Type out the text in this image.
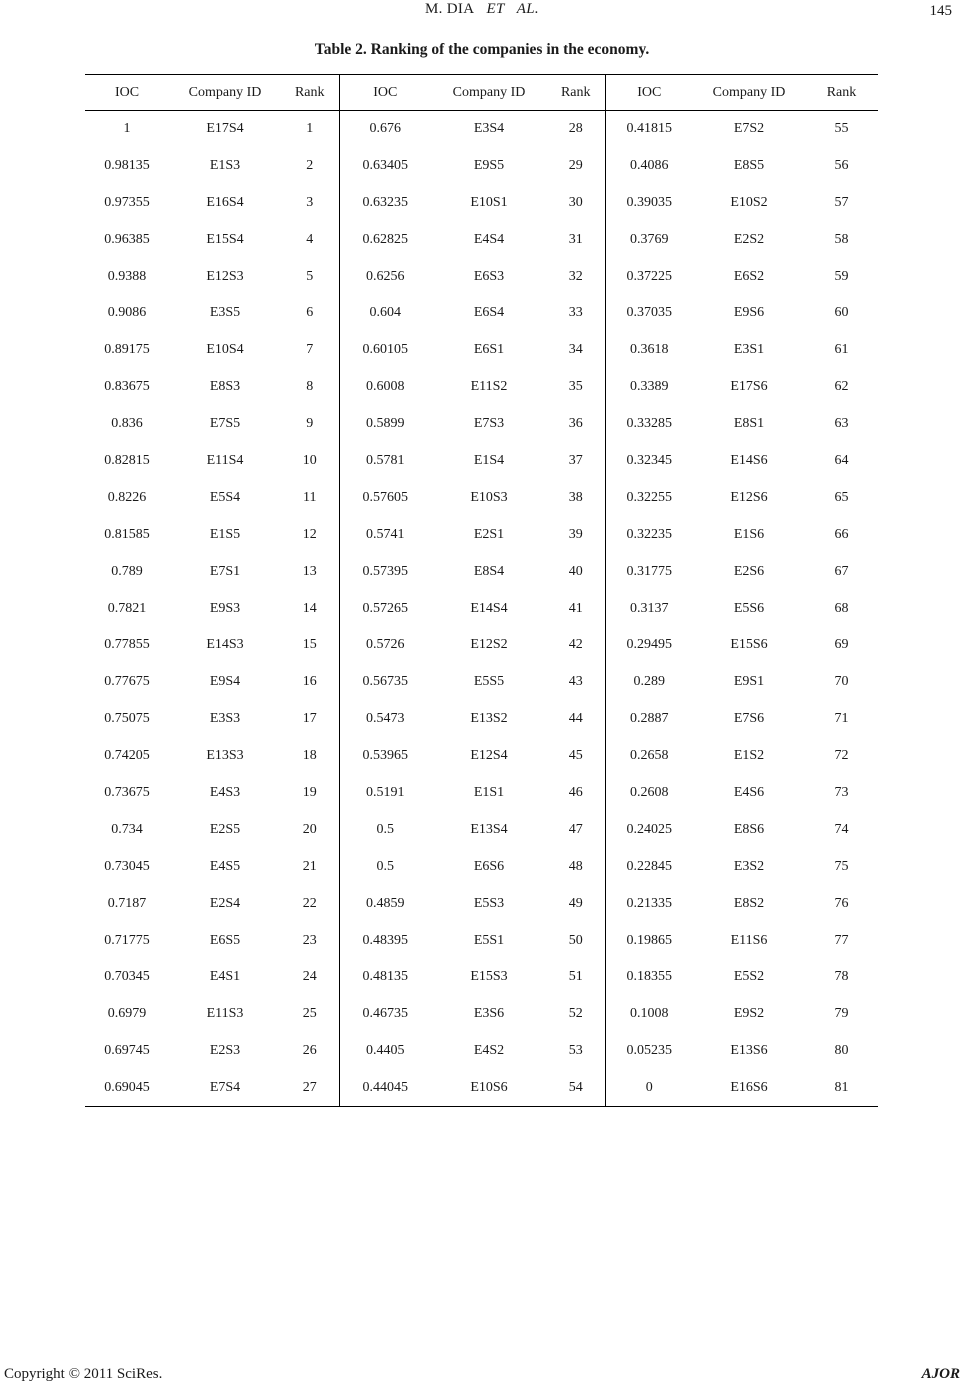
M. DIA ET AL.	145
Table 2. Ranking of the companies in the economy.
IOC	Company ID	Rank	IOC	Company ID	Rank	IOC	Company ID	Rank
1	E17S4	1	0.676	E3S4	28	0.41815	E7S2	55
0.98135	E1S3	2	0.63405	E9S5	29	0.4086	E8S5	56
0.97355	E16S4	3	0.63235	E10S1	30	0.39035	E10S2	57
0.96385	E15S4	4	0.62825	E4S4	31	0.3769	E2S2	58
0.9388	E12S3	5	0.6256	E6S3	32	0.37225	E6S2	59
0.9086	E3S5	6	0.604	E6S4	33	0.37035	E9S6	60
0.89175	E10S4	7	0.60105	E6S1	34	0.3618	E3S1	61
0.83675	E8S3	8	0.6008	E11S2	35	0.3389	E17S6	62
0.836	E7S5	9	0.5899	E7S3	36	0.33285	E8S1	63
0.82815	E11S4	10	0.5781	E1S4	37	0.32345	E14S6	64
0.8226	E5S4	11	0.57605	E10S3	38	0.32255	E12S6	65
0.81585	E1S5	12	0.5741	E2S1	39	0.32235	E1S6	66
0.789	E7S1	13	0.57395	E8S4	40	0.31775	E2S6	67
0.7821	E9S3	14	0.57265	E14S4	41	0.3137	E5S6	68
0.77855	E14S3	15	0.5726	E12S2	42	0.29495	E15S6	69
0.77675	E9S4	16	0.56735	E5S5	43	0.289	E9S1	70
0.75075	E3S3	17	0.5473	E13S2	44	0.2887	E7S6	71
0.74205	E13S3	18	0.53965	E12S4	45	0.2658	E1S2	72
0.73675	E4S3	19	0.5191	E1S1	46	0.2608	E4S6	73
0.734	E2S5	20	0.5	E13S4	47	0.24025	E8S6	74
0.73045	E4S5	21	0.5	E6S6	48	0.22845	E3S2	75
0.7187	E2S4	22	0.4859	E5S3	49	0.21335	E8S2	76
0.71775	E6S5	23	0.48395	E5S1	50	0.19865	E11S6	77
0.70345	E4S1	24	0.48135	E15S3	51	0.18355	E5S2	78
0.6979	E11S3	25	0.46735	E3S6	52	0.1008	E9S2	79
0.69745	E2S3	26	0.4405	E4S2	53	0.05235	E13S6	80
0.69045	E7S4	27	0.44045	E10S6	54	0	E16S6	81
Copyright © 2011 SciRes.	AJOR
